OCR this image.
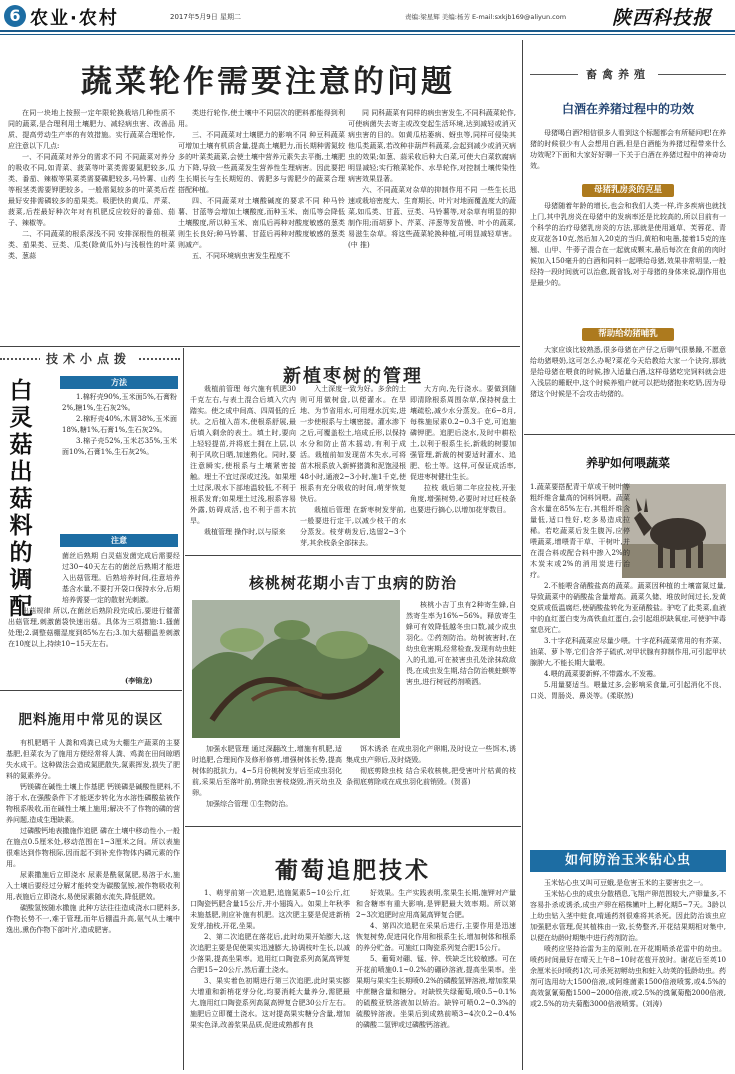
6 农业·农村	2017年5月9日 星期二	责编:梁星辉 美编:杨芳 E-mail:sxkjb169@aliyun.com 陕西科技报
蔬菜轮作需要注意的问题

在同一块地上按照一定年限轮换栽培几种性质不同的蔬菜,是合理利用土壤肥力、减轻病虫害、改善品质、提高劳动生产率的有效措施。实行蔬菜合理轮作,应注意以下几点:

一、不同蔬菜对养分的需求不同 不同蔬菜对养分的吸收不同,如青菜、菠菜等叶菜类需要氮肥较多,瓜类、番茄、辣椒等果菜类需要磷肥较多,马铃薯、山药等根茎类需要钾肥较多。一般需氮较多的叶菜类后茬最好安排需磷较多的茄果类。吸肥快的黄瓜、芹菜、菠菜,后茬最好种次年对有机肥反应较好的番茄、茄子、辣椒等。

二、不同蔬菜的根系深浅不同 安排深根性的根菜类、茄果类、豆类、瓜类(除黄瓜外)与浅根性的叶菜类、葱蒜

类进行轮作,使土壤中不同层次的肥料都能得到利用。

三、不同蔬菜对土壤肥力的影响不同 种豆科蔬菜可增加土壤有机质含量,提高土壤肥力,而长期种需氮较多的叶菜类蔬菜,会使土壤中营养元素失去平衡,土壤肥力下降,导致一些蔬菜发生营养性生理病害。因此要把生长期长与生长期短的、需肥多与需肥少的蔬菜合理搭配种植。

四、不同蔬菜对土壤酸碱度的要求不同 种马铃薯、甘蓝等会增加土壤酸度,而种玉米、南瓜等会降低土壤酸度,所以种玉米、南瓜后再种对酸度敏感的葱类则生长良好;种马铃薯、甘蓝后再种对酸度敏感的葱类则减产。

五、不同环境病虫害发生程度不

同 同科蔬菜有同样的病虫害发生,不同科蔬菜轮作,可使病菌失去寄主或改变起生活环境,达到减轻或消灭病虫害的目的。如黄瓜枯萎病、蚜虫等,同样可侵染其他瓜类蔬菜,若改种非葫芦科蔬菜,会起到减少或消灭病虫的效果;如葱、蒜采收后种大白菜,可使大白菜软腐病明显减轻;实行粮菜轮作、水旱轮作,对控制土壤传染性病害效果显著。

六、不同蔬菜对杂草的抑制作用不同 一些生长迅速或栽培密度大、生育期长、叶片对地面覆盖度大的蔬菜,如瓜类、甘蓝、豆类、马铃薯等,对杂草有明显的抑制作用;而胡萝卜、芹菜、洋葱等发苗慢、叶小的蔬菜,易滋生杂草。将这些蔬菜轮换种植,可明显减轻草害。(中 推)

技术小点拨
白灵菇出菇料的调配
方法

1.棉籽壳90%,玉米面5%,石膏粉2%,糖1%,生石灰2%。

2.棉籽壳40%,木屑38%,玉米面18%,糖1%,石膏1%,生石灰2%。

3.棉子壳52%,玉米芯35%,玉米面10%,石膏1%,生石灰2%。

注意

菌丝后熟期 白灵菇发菌完成后需要经过30~40天左右的菌丝后熟期才能进入出菇管理。后熟培养时间,往意培养基含水量,不要打开袋口保持水分,后期培养需要一定的散射光刺激。

出菇规律 所以,在菌丝后熟阶段完成后,要进行催蕾出菇管理,刺激菌袋快速出菇。具体为三项措施:1.搔菌处理;2.调整菇棚湿度到85%左右;3.加大菇棚温差刺激在10度以上,持续10~15天左右。

(李锦龙)
肥料施用中常见的误区

有机肥晒干 人粪和鸡粪已成为大棚生产蔬菜的主要基肥,但菜农为了施用方便经常将人粪、鸡粪在田间晾晒失水成干。这种做法会造成氮肥散失,氮素挥发,损失了肥料的氮素养分。

钙镁磷在碱性土壤上作基肥 钙镁磷是碱酸性肥料,不溶于水,在强酸条件下才能逐步转化为水溶性磷酸盐被作物根系吸收,而在碱性土壤上施用;解决不了作物的磷的营养问题,造成生理缺素。

过磷酸钙地表撒施作追肥 磷在土壤中移动性小,一般在施点0.5厘米处,移动范围在1~3厘米之间。所以表施很难达到作物根际,因而起不到补充作物体内磷元素的作用。

尿素撒施后立即浇水 尿素是酰氨氮肥,易溶于水,施入土壤后要经过分解才能转变为碳酸氢铵,被作物吸收利用,表施后立即浇水,易使尿素随水流失,降低肥效。

碳酸氢铵随水撒施 此种方法往往造成浇水口肥料多,作物长势不一,难于管理,而年后棚温升高,氨气从土壤中逸出,熏伤作物下部叶片,造成肥害。

新植枣树的管理

栽植前管理 每穴施有机肥30千克左右,与表土混合后填入穴内踏实。使之成中间高、四周低的丘状。之后植入苗木,使根系舒展,最后填入剩余的表土。填土时,要向上轻轻提苗,并将底土拥在上层,以利于风吹日晒,加速熟化。同时,要注意瞬实,使根系与土壤紧密接触。埋土不宜过深或过浅。如果埋土过深,吸水下部地温较低,不利于根系发育;如果埋土过浅,根系容易外露,妨碍成活,也不利于苗木抗旱。

栽植管理 操作时,以与原来

入土深度一致为好。多余的土则可用做树盘,以便灌水。在旱地、为节省用水,可用埋水沉实,进一步使根系与土壤密接。灌水渗下之后,可覆盖松土,培成丘形,以保持水分和防止苗木摇动,有利于成活。栽植前如发现苗木失水,可将苗木根系放入新鲜猪粪和泥饱浸根48小时,通液2~3小时,施1千克,使根系有充分吸收的时间,萌芽恢复快后。

栽植后管理 在新枣树发芽前,一般要进行定干,以减少枝干的水分蒸发。枝芽萌发后,选留2~3个芽,其余枝条全部抹去。

大方向,先行浇水。要做到随即清除根系周围杂草,保持树盘土壤疏松,减少水分蒸发。在6~8月,每株施尿素0.2~0.3千克,可追施磷钾肥。追肥后浇水,及时中耕松土,以利于根系生长,新栽的树要加强管理,新裁的树要适时灌水、追肥、松土等。这样,可保证成活率,促进枣树健壮生长。

拉枝 栽后第二年应拉枝,开张角度,增强树势,必要时对过旺枝条也要进行摘心,以增加花芽数目。

核桃树花期小吉丁虫病的防治

核桃小吉丁虫有2种寄生蜂,自然寄生率为16%~56%。释放寄生蜂可有效降低越冬虫口数,减少成虫羽化。②药剂防治。幼树被害时,在幼虫危害期,经常检查,发现有幼虫蛀入的孔道,可在被害虫孔处涂抹敌敌畏,在成虫发生期,结合防治桃蛀螟等害虫,进行树冠药剂喷洒。

加强水肥管理 通过深翻改土,增施有机肥,适时追肥,合理间作及修形修剪,增强树体长势,提高树体的抵抗力。4~5月份桃树发芽后至成虫羽化前,采果后至落叶前,剪除虫害枝烧毁,消灭幼虫及卵。

加强综合管理 ①生物防治。

饵木诱杀 在成虫羽化产卵期,及时设立一些饵木,诱集成虫产卵后,及时烧毁。

彻底剪除虫枝 结合采收核桃,把受害叶片枯黄的枝条彻底剪除或在成虫羽化前销毁。(贺喜)

葡萄追肥技术

1、萌芽前第一次追肥,追施氮素5~10公斤,红口陶瓷钙肥含量15公斤,并小翅捣入。如果上年秋季未施基肥,则应补施有机肥。这次肥主要是促进新梢发芽,抽枝,开花,坐果。

2、第二次追肥在落花后,此时幼果开始膨大,这次追肥主要是促使果实迅速膨大,协调枝叶生长,以减少落果,提高坐果率。追用红口陶瓷系列高氮高钾复合肥15~20公斤,然后灌土浇水。

3、果实着色初期进行第三次追肥,此时果实膨大增重和新梢花芽分化,均要消耗大量养分,需肥最大,施用红口陶瓷系列高氮高钾复合肥30公斤左右。施肥后立即覆土浇水。这对提高果实糖分含量,增加果实色泽,改善浆果品质,促进成熟都有良

好效果。生产实践表明,浆果生长期,施钾对产量和含糖率有重大影响,是钾肥最大效率期。所以第2~3次追肥时应用高氮高钾复合肥。

4、第四次追肥在采果后进行,主要作用是迅速恢复树势,促进同化作用和根系生长,增加树体和根系的养分贮备。可施红口陶瓷系列复合肥15公斤。

5、葡萄对硼、锰、锌、铁缺乏比较敏感。可在开花前喷施0.1~0.2%的硼砂溶液,提高坐果率。坐果期与果实生长期喷0.2%的磷酸氢钾溶液,增加浆果中蔗糖含量和糖分。对缺铁失绿葡萄,喷0.5~0.1%的硫酸亚铁溶液加以矫治。缺锌可喷0.2~0.3%的硫酸锌溶液。坐果后到成熟前喷3~4次0.2~0.4%的磷酸二氢钾或过磷酸钙溶液。

畜禽养殖
白酒在养猪过程中的功效
母猪喝白酒?相信很多人看到这个标题都会有所疑问吧!在养猪的时候很少有人会想用白酒,但是白酒能为养猪过程带来什么功效呢?下面和大家好好聊一下关于白酒在养猪过程中的神奇功效。
母猪乳房炎的克星
母猪随着年龄的增长,也会和我们人类一样,许多疾病也就找上门,其中乳房炎在母猪中的发病率还是比较高的,所以目前有一个科学的治疗母猪乳房炎的方法,那就是使用通草、芙蓉花、青皮双花各10克,然后加入20克的当归,黄柏和电墨,接着15克的连翘、山甲、牛蒡子混合在一起就成颗末,最后每次在食前的肉时候加入150毫升的白酒和同料一起喂给母猪,效果非常明显,一般经持一段时间就可以治愈,既省钱,对于母猪的身体来说,副作用也是最少的。
帮助给幼猪哺乳
大家应该比较熟悉,很多母猪在产仔之后聊气很暴躁,不愿意给幼猪喂奶,这可怎么办呢?菜花今天给教给大家一个诀窍,那就是给母猪在喂食的时候,掺入适量白酒,这样母猪吃完饲料就会进入浅层的睡眠中,这个时候养殖户就可以把幼猪抱来吃奶,因为母猪这个时候是不会攻击幼猪的。
养驴如何喂蔬菜

1.蔬菜要搭配青干草或干树叶等粗纤维含量高的饲料饲喂。蔬菜含水量在85%左右,其粗纤维含量低,适口性好,吃多易造成拉稀。若吃蔬菜后发生腹泻,应停喂蔬菜,增喂青干草、干树叶,并在混合料或配合料中掺入2%的木炭末或2%的消用炭进行治疗。

2.不能喂含硝酸盐高的蔬菜。蔬菜因种植的土壤富氮过量,导致蔬菜中的硝酸盐含量增高。蔬菜久储、堆放时间过长,发黄变质或低温腐烂,使硝酸盐转化为亚硝酸盐。驴吃了此类菜,血液中的血红蛋白变为高铁血红蛋白,会引起组织缺氧症,可使驴中毒窒息死亡。

3.十字花科蔬菜应尽量少喂。十字花科蔬菜常用的有芥菜、油菜、萝卜等,它们含芥子硫甙,对甲状腺有抑制作用,可引起甲状腺肿大,不能长期大量喂。

4.喂的蔬菜要新鲜,不带露水,不发霉。

5.用量要适当。喂量过多,会影响采食量,可引起消化不良、口炎、胃肠炎、鼻炎等。(柔联然)

如何防治玉米钻心虫

玉米钻心虫又叫可豆蛾,是危害玉米的主要害虫之一。

玉米钻心虫的成虫分散栖息,飞翔产卵范围较大,产卵量多,不容易扑杀或诱杀,成虫产卵在稻株嫩叶上,孵化期5~7天。3龄以上幼虫钻入茎中蛀食,啃通药剂很难将其杀死。因此防治该虫应加强肥水管理,促其植株由一致,长势整齐,开花结果期相对集中,以便在幼龄时期集中进行药剂防治。

喷药应坚持治雷为主的原则,在开花期喷杀花雷中的幼虫。喷药时间最好在晴天上午8~10时花苞开放时。谢花后至英10余厘米长时喷药1次,可杀死初孵幼虫和蛀入幼荚的低龄幼虫。药剂可选用幼大1500倍液,或阿维菌素1500倍液喷雾,或4.5%的高效氯氰菊酯1500~2000倍液,或2.5%的溴氰菊酯2000倍液,或2.5%的功夫菊酯3000倍液喷雾。(刘涛)
